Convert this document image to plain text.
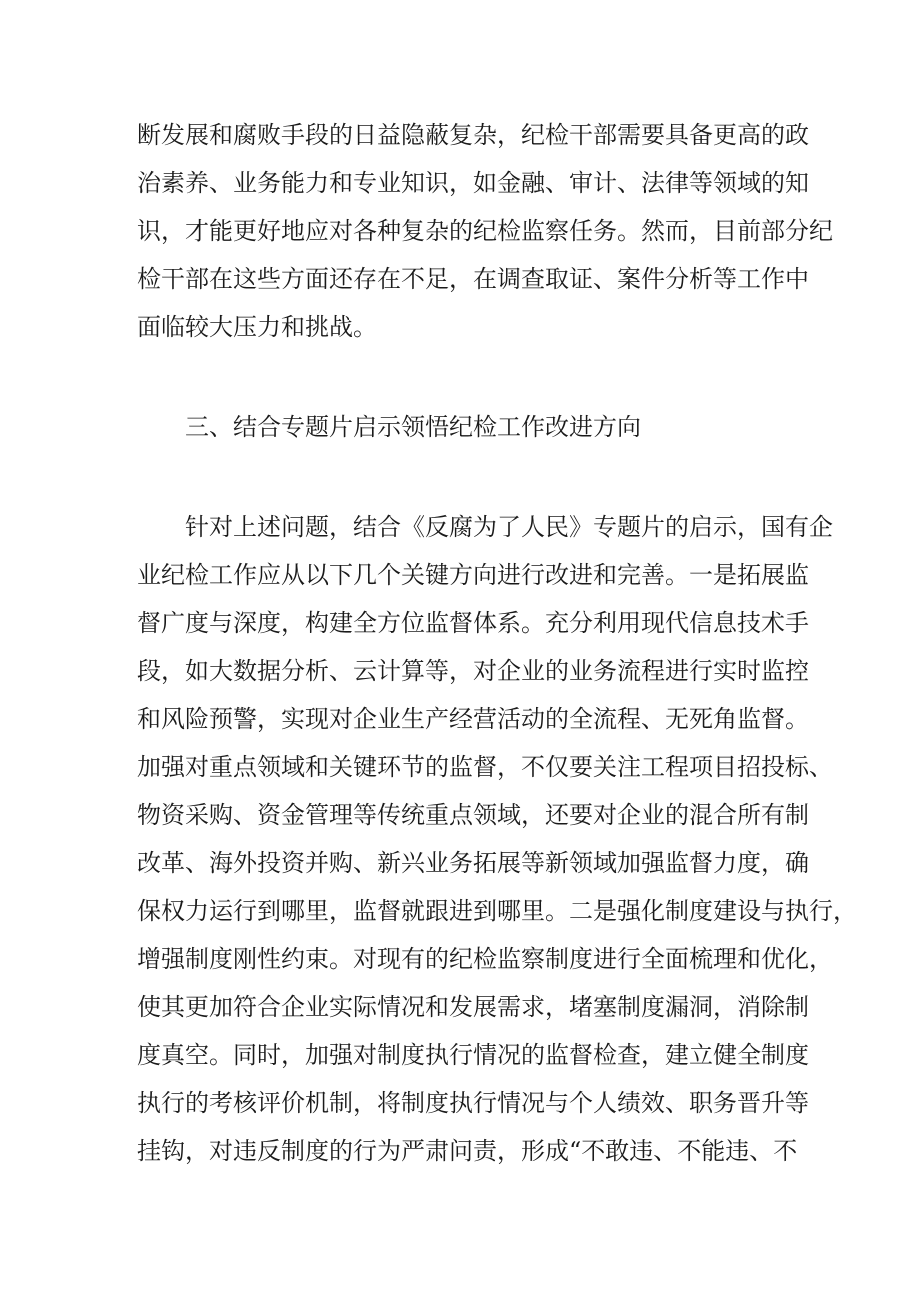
断发展和腐败手段的日益隐蔽复杂，纪检干部需要具备更高的政

治素养、业务能力和专业知识，如金融、审计、法律等领域的知

识，才能更好地应对各种复杂的纪检监察任务。然而，目前部分纪

检干部在这些方面还存在不足，在调查取证、案件分析等工作中

面临较大压力和挑战。

三、结合专题片启示领悟纪检工作改进方向

针对上述问题，结合《反腐为了人民》专题片的启示，国有企

业纪检工作应从以下几个关键方向进行改进和完善。一是拓展监

督广度与深度，构建全方位监督体系。充分利用现代信息技术手

段，如大数据分析、云计算等，对企业的业务流程进行实时监控

和风险预警，实现对企业生产经营活动的全流程、无死角监督。

加强对重点领域和关键环节的监督，不仅要关注工程项目招投标、

物资采购、资金管理等传统重点领域，还要对企业的混合所有制

改革、海外投资并购、新兴业务拓展等新领域加强监督力度，确

保权力运行到哪里，监督就跟进到哪里。二是强化制度建设与执行，

增强制度刚性约束。对现有的纪检监察制度进行全面梳理和优化，

使其更加符合企业实际情况和发展需求，堵塞制度漏洞，消除制

度真空。同时，加强对制度执行情况的监督检查，建立健全制度

执行的考核评价机制，将制度执行情况与个人绩效、职务晋升等

挂钩，对违反制度的行为严肃问责，形成“不敢违、不能违、不
